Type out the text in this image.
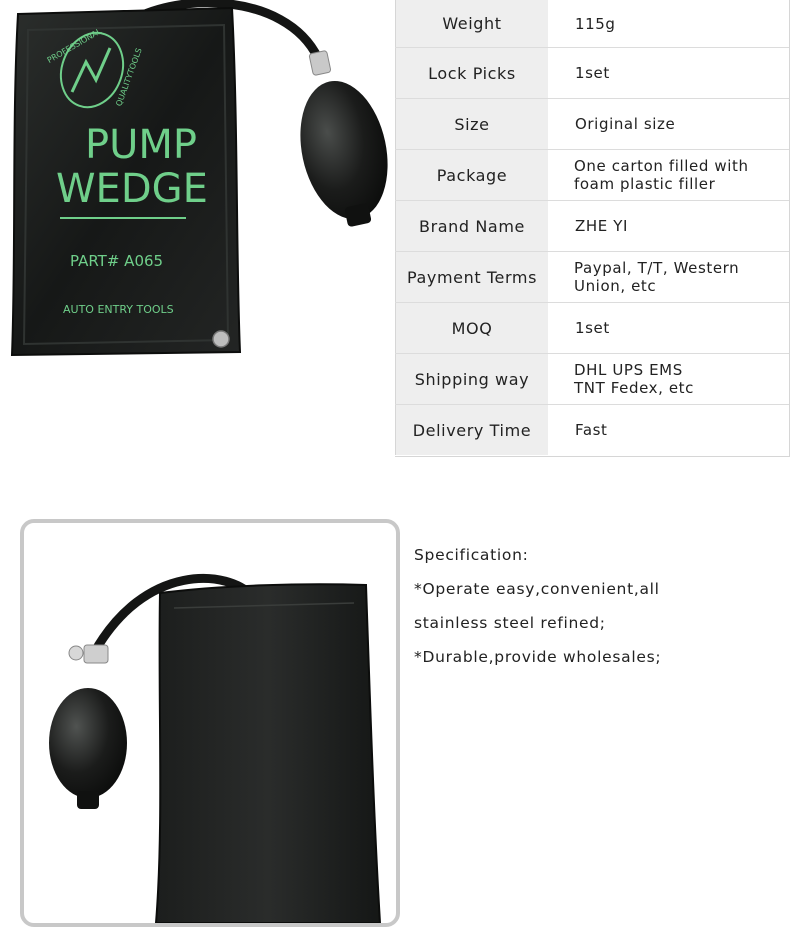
PROFESSIONAL
QUALITYTOOLS
PUMP
WEDGE
PART# A065
AUTO ENTRY TOOLS
Weight	115g
Lock Picks	1set
Size	Original size
Package	One carton filled with
foam plastic filler
Brand Name	ZHE YI
Payment Terms	Paypal, T/T, Western
Union, etc
MOQ	1set
Shipping way	DHL UPS EMS
TNT Fedex, etc
Delivery Time	Fast
Specification:
*Operate easy,convenient,all
stainless steel refined;
*Durable,provide wholesales;
